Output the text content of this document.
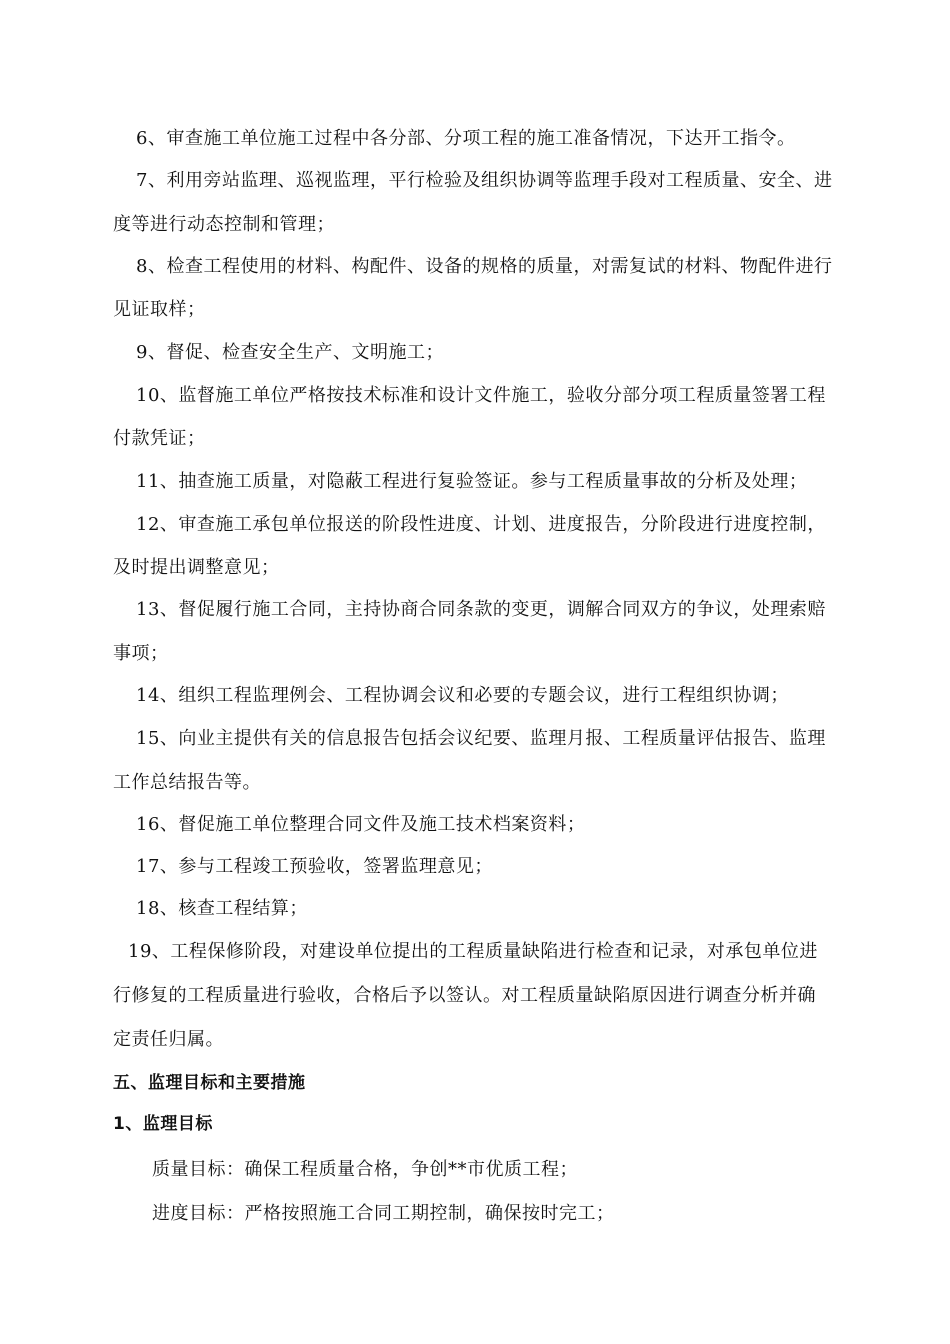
6、审查施工单位施工过程中各分部、分项工程的施工准备情况，下达开工指令。
7、利用旁站监理、巡视监理，平行检验及组织协调等监理手段对工程质量、安全、进
度等进行动态控制和管理；
8、检查工程使用的材料、构配件、设备的规格的质量，对需复试的材料、物配件进行
见证取样；
9、督促、检查安全生产、文明施工；
10、监督施工单位严格按技术标准和设计文件施工，验收分部分项工程质量签署工程
付款凭证；
11、抽查施工质量，对隐蔽工程进行复验签证。参与工程质量事故的分析及处理；
12、审查施工承包单位报送的阶段性进度、计划、进度报告，分阶段进行进度控制，
及时提出调整意见；
13、督促履行施工合同，主持协商合同条款的变更，调解合同双方的争议，处理索赔
事项；
14、组织工程监理例会、工程协调会议和必要的专题会议，进行工程组织协调；
15、向业主提供有关的信息报告包括会议纪要、监理月报、工程质量评估报告、监理
工作总结报告等。
16、督促施工单位整理合同文件及施工技术档案资料；
17、参与工程竣工预验收，签署监理意见；
18、核查工程结算；
19、工程保修阶段，对建设单位提出的工程质量缺陷进行检查和记录，对承包单位进
行修复的工程质量进行验收，合格后予以签认。对工程质量缺陷原因进行调查分析并确
定责任归属。
五、监理目标和主要措施
1、监理目标
质量目标：确保工程质量合格，争创**市优质工程；
进度目标：严格按照施工合同工期控制，确保按时完工；
